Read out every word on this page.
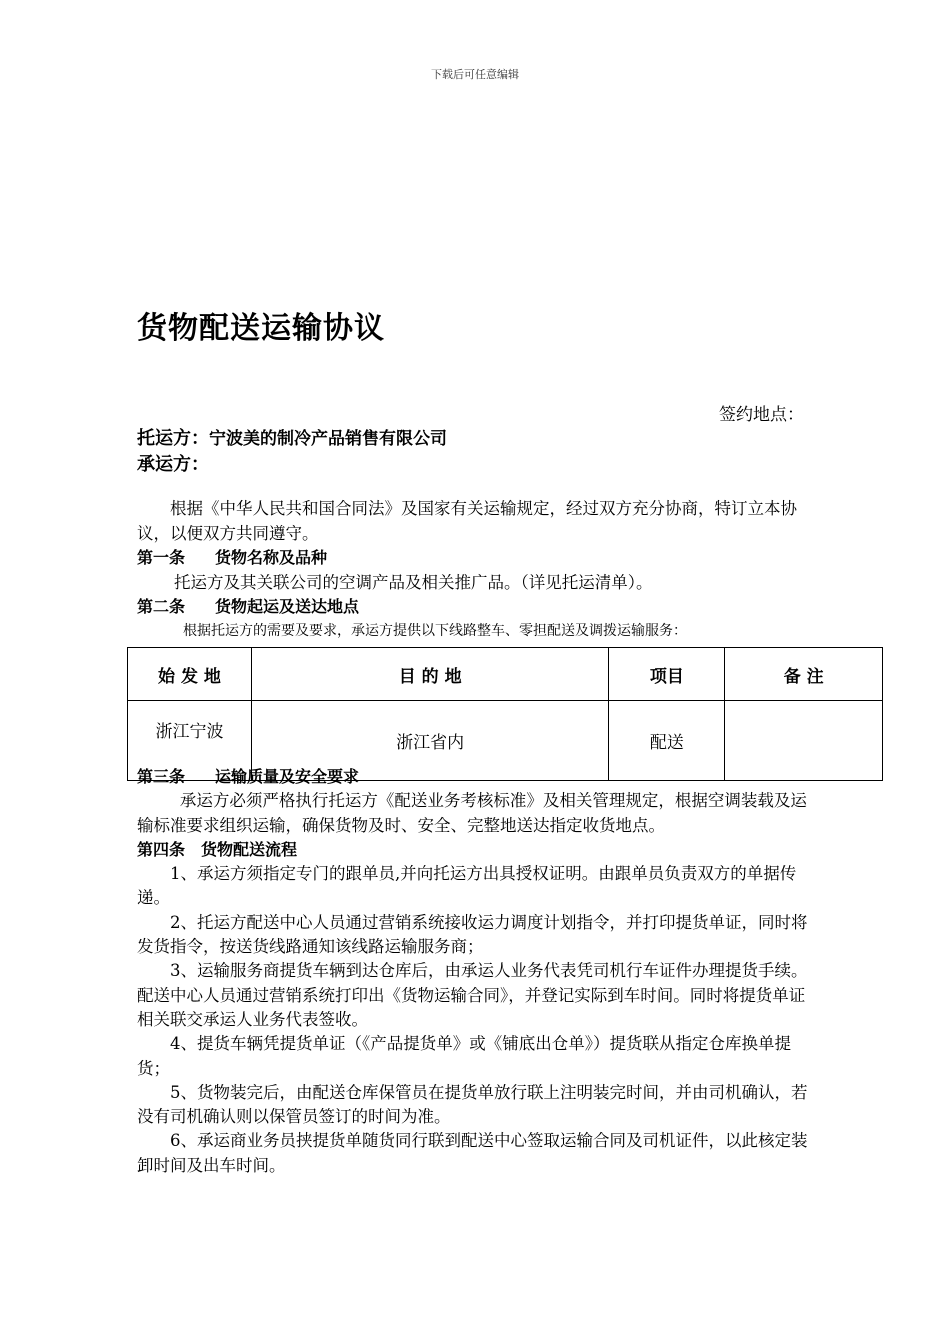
下载后可任意编辑
货物配送运输协议
签约地点：
托运方：宁波美的制冷产品销售有限公司
承运方：

根据《中华人民共和国合同法》及国家有关运输规定，经过双方充分协商，特订立本协议，以便双方共同遵守。

第一条 货物名称及品种

托运方及其关联公司的空调产品及相关推广品。（详见托运清单）。

第二条 货物起运及送达地点

根据托运方的需要及要求，承运方提供以下线路整车、零担配送及调拨运输服务：

始 发 地	目 的 地	项目	备 注
浙江宁波	浙江省内	配送	

第三条 运输质量及安全要求

承运方必须严格执行托运方《配送业务考核标准》及相关管理规定，根据空调装载及运输标准要求组织运输，确保货物及时、安全、完整地送达指定收货地点。

第四条 货物配送流程

1、承运方须指定专门的跟单员,并向托运方出具授权证明。由跟单员负责双方的单据传递。

2、托运方配送中心人员通过营销系统接收运力调度计划指令，并打印提货单证，同时将发货指令，按送货线路通知该线路运输服务商；

3、运输服务商提货车辆到达仓库后，由承运人业务代表凭司机行车证件办理提货手续。配送中心人员通过营销系统打印出《货物运输合同》，并登记实际到车时间。同时将提货单证相关联交承运人业务代表签收。

4、提货车辆凭提货单证（《产品提货单》或《铺底出仓单》）提货联从指定仓库换单提货；

5、货物装完后，由配送仓库保管员在提货单放行联上注明装完时间，并由司机确认，若没有司机确认则以保管员签订的时间为准。

6、承运商业务员挟提货单随货同行联到配送中心签取运输合同及司机证件，以此核定装卸时间及出车时间。
